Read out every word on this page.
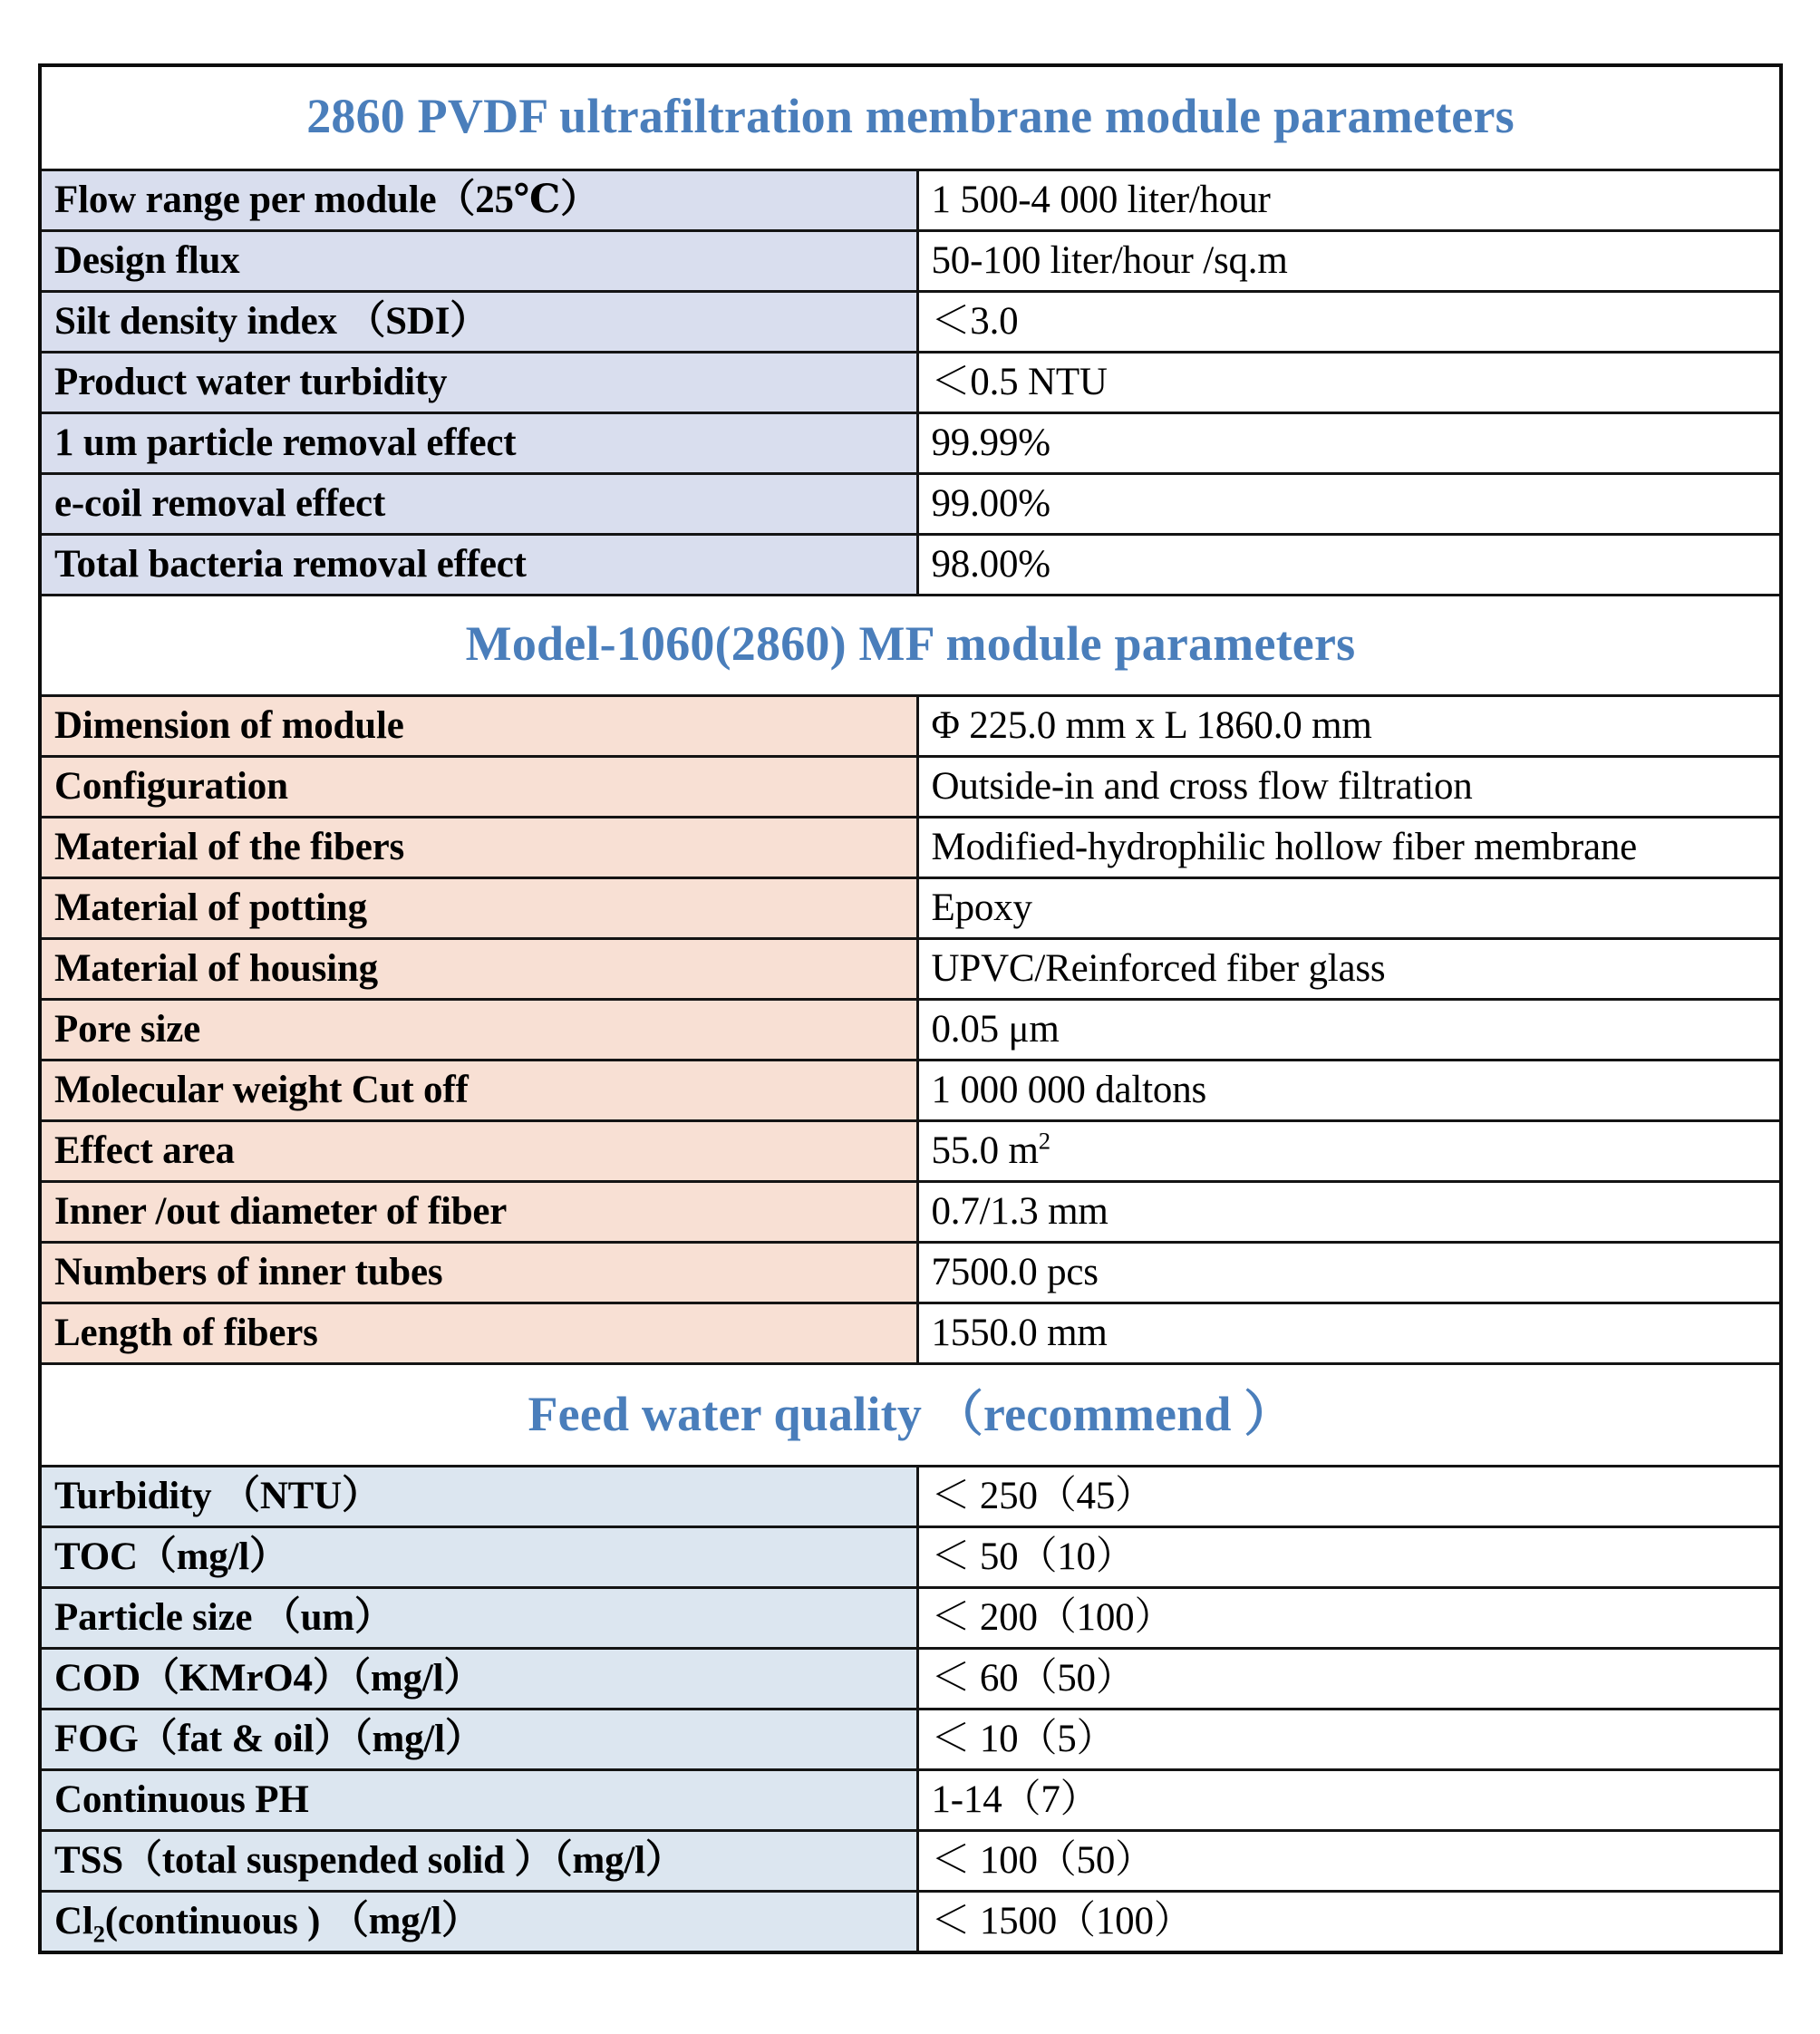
2860 PVDF ultrafiltration membrane module parameters	
Flow range per module（25℃）	1 500-4 000 liter/hour
Design flux	50-100 liter/hour /sq.m
Silt density index （SDI）	＜3.0
Product water turbidity	＜0.5 NTU
1 um particle removal effect	99.99%
e-coil removal effect	99.00%
Total bacteria removal effect	98.00%
Model-1060(2860) MF module parameters	
Dimension of module	Φ 225.0 mm x L 1860.0 mm
Configuration	Outside-in and cross flow filtration
Material of the fibers	Modified-hydrophilic hollow fiber membrane
Material of potting	Epoxy
Material of housing	UPVC/Reinforced fiber glass
Pore size	0.05 μm
Molecular weight Cut off	1 000 000 daltons
Effect area	55.0 $m^2$
Inner /out diameter of fiber	0.7/1.3 mm
Numbers of inner tubes	7500.0 pcs
Length of fibers	1550.0 mm
Feed water quality （recommend ）	
Turbidity （NTU）	＜ 250（45）
TOC（mg/l）	＜ 50（10）
Particle size （um）	＜ 200（100）
COD（KMrO4）（mg/l）	＜ 60（50）
FOG（fat & oil）（mg/l）	＜ 10（5）
Continuous PH	1-14（7）
TSS（total suspended solid ）（mg/l）	＜ 100（50）
$Cl_2(continuous$ ) （mg/l）	＜ 1500（100）
